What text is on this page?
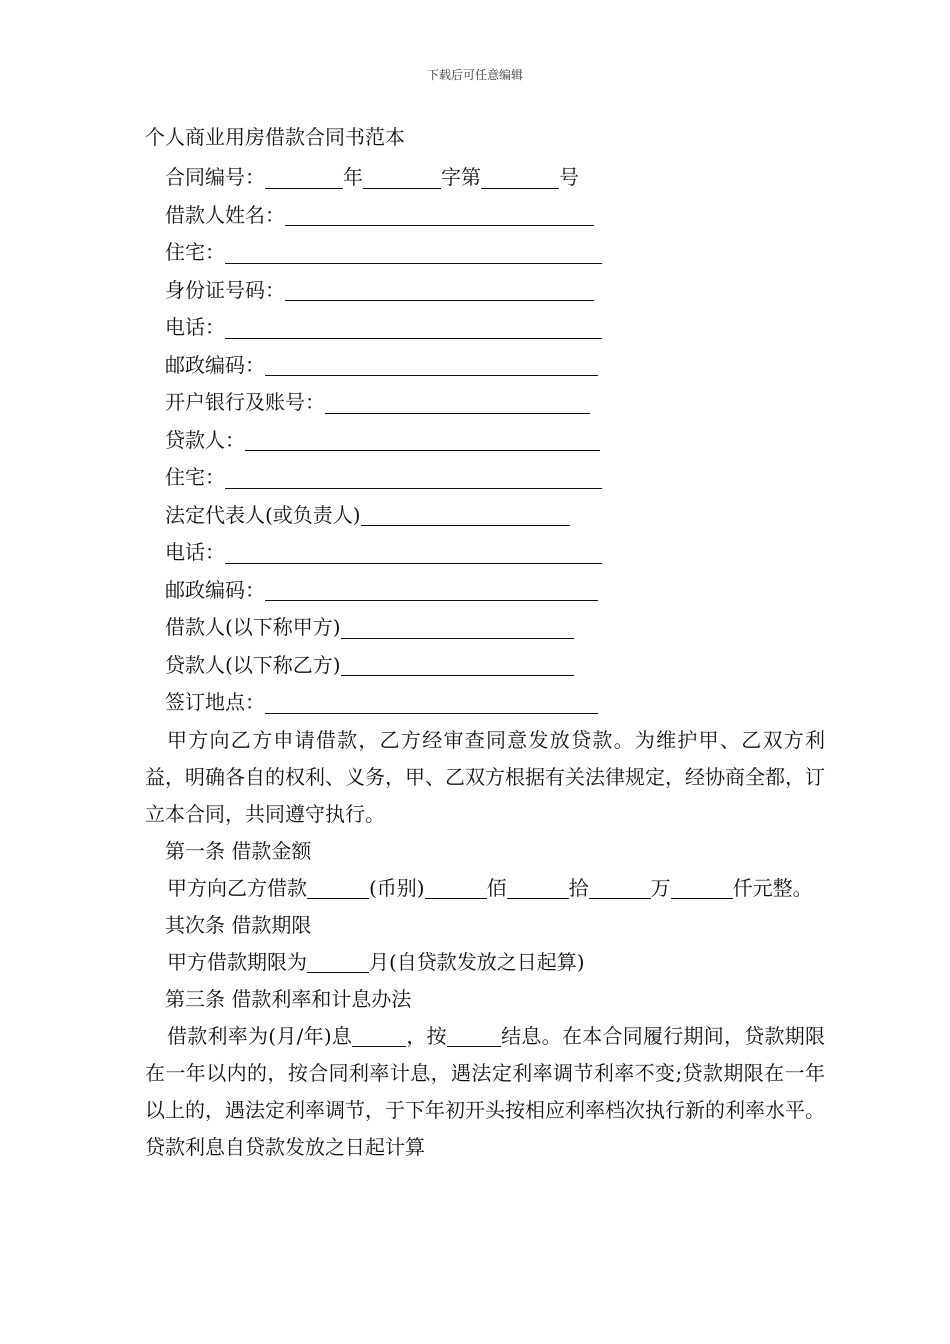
下载后可任意编辑
个人商业用房借款合同书范本
合同编号：	年	字第	号
借款人姓名：
住宅：
身份证号码：
电话：
邮政编码：
开户银行及账号：
贷款人：
住宅：
法定代表人(或负责人)
电话：
邮政编码：
借款人(以下称甲方)
贷款人(以下称乙方)
签订地点：
甲方向乙方申请借款，乙方经审查同意发放贷款。为维护甲、乙双方利益，明确各自的权利、义务，甲、乙双方根据有关法律规定，经协商全都，订立本合同，共同遵守执行。
第一条 借款金额
甲方向乙方借款	(币别)	佰	拾	万	仟元整。
其次条 借款期限
甲方借款期限为	月(自贷款发放之日起算)
第三条 借款利率和计息办法
借款利率为(月/年)息	，按	结息。在本合同履行期间，贷款期限在一年以内的，按合同利率计息，遇法定利率调节利率不变;贷款期限在一年以上的，遇法定利率调节，于下年初开头按相应利率档次执行新的利率水平。贷款利息自贷款发放之日起计算
